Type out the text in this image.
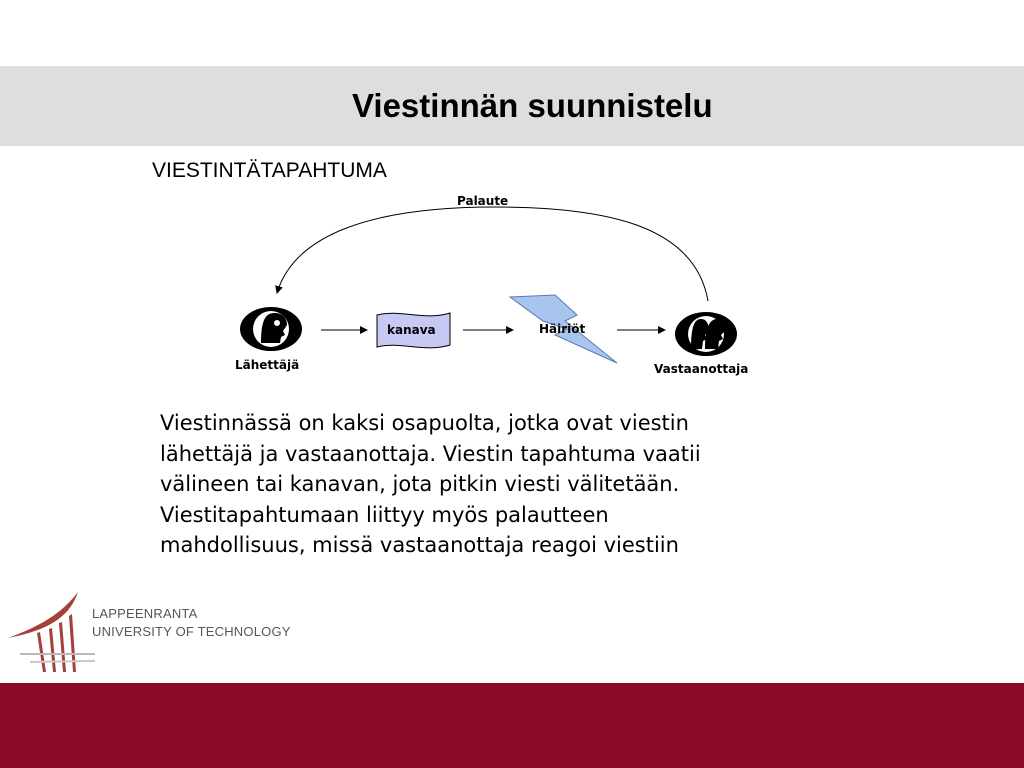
Viestinnän suunnistelu
VIESTINTÄTAPAHTUMA
Palaute
Lähettäjä
kanava	Häiriöt
Vastaanottaja
Viestinnässä on kaksi osapuolta, jotka ovat viestin
lähettäjä ja vastaanottaja. Viestin tapahtuma vaatii
välineen tai kanavan, jota pitkin viesti välitetään.
Viestitapahtumaan liittyy myös palautteen
mahdollisuus, missä vastaanottaja reagoi viestiin
LAPPEENRANTA
UNIVERSITY OF TECHNOLOGY
